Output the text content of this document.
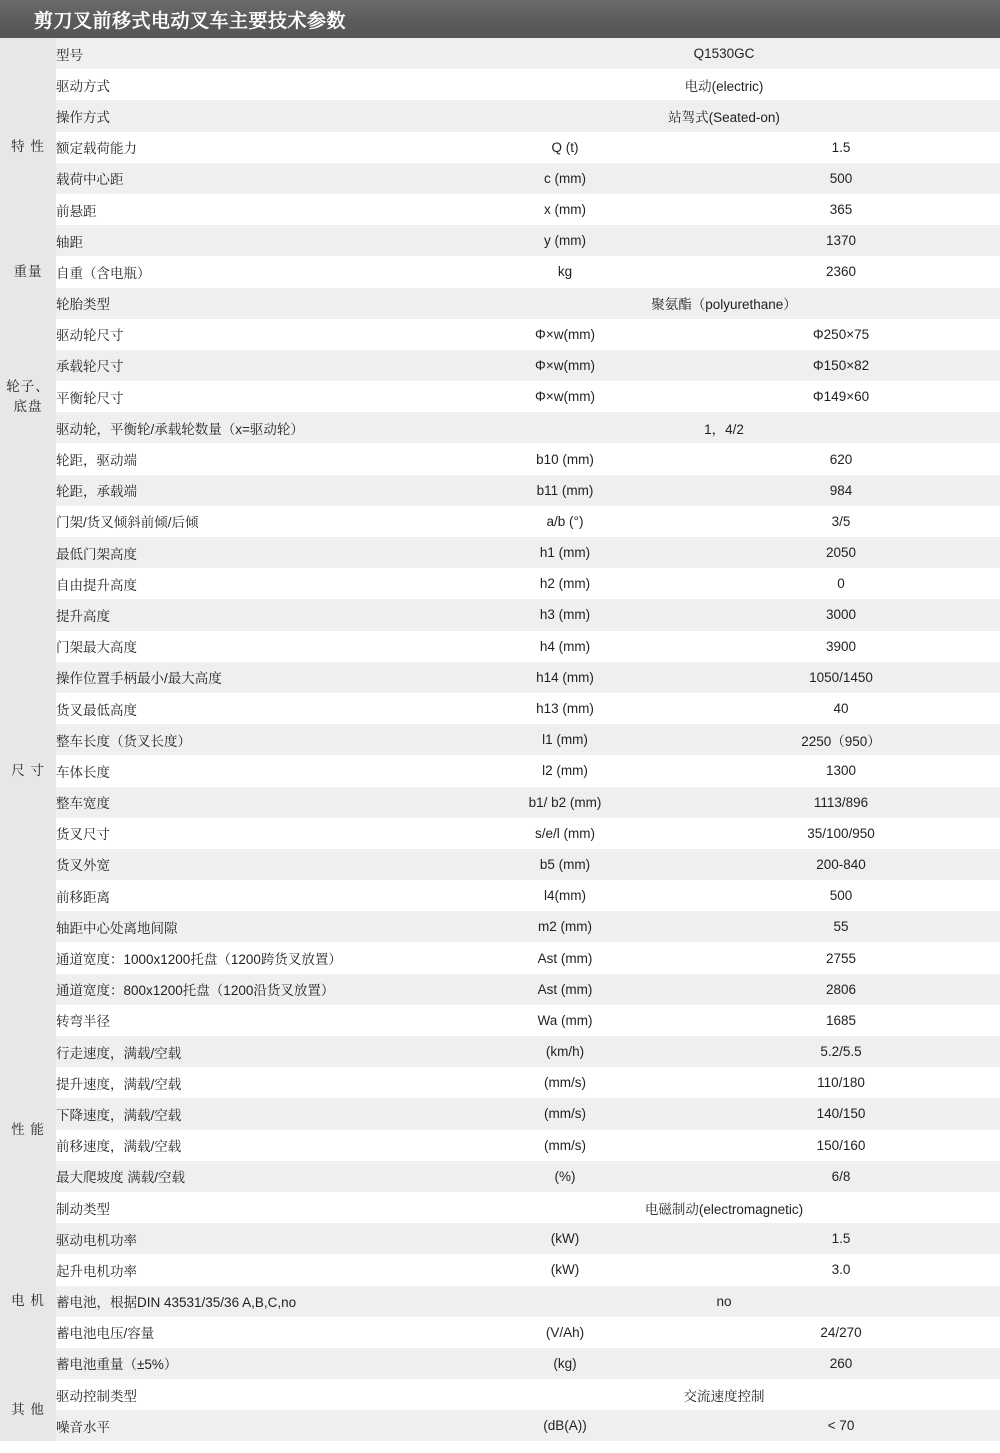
剪刀叉前移式电动叉车主要技术参数
特 性	型号	Q1530GC	
	驱动方式	电动(electric)	
	操作方式	站驾式(Seated-on)	
	额定载荷能力	Q (t)	1.5
	载荷中心距	c (mm)	500
	前悬距	x (mm)	365
	轴距	y (mm)	1370
重量	自重（含电瓶）	kg	2360
轮子、底盘	轮胎类型	聚氨酯（polyurethane）	
	驱动轮尺寸	Φ×w(mm)	Φ250×75
	承载轮尺寸	Φ×w(mm)	Φ150×82
	平衡轮尺寸	Φ×w(mm)	Φ149×60
	驱动轮，平衡轮/承载轮数量（x=驱动轮）	1，4/2	
	轮距，驱动端	b10 (mm)	620
	轮距，承载端	b11 (mm)	984
尺 寸	门架/货叉倾斜前倾/后倾	a/b (°)	3/5
	最低门架高度	h1 (mm)	2050
	自由提升高度	h2 (mm)	0
	提升高度	h3 (mm)	3000
	门架最大高度	h4 (mm)	3900
	操作位置手柄最小/最大高度	h14 (mm)	1050/1450
	货叉最低高度	h13 (mm)	40
	整车长度（货叉长度）	l1 (mm)	2250（950）
	车体长度	l2 (mm)	1300
	整车宽度	b1/ b2 (mm)	1113/896
	货叉尺寸	s/e/l (mm)	35/100/950
	货叉外宽	b5 (mm)	200-840
	前移距离	l4(mm)	500
	轴距中心处离地间隙	m2 (mm)	55
	通道宽度：1000x1200托盘（1200跨货叉放置）	Ast (mm)	2755
	通道宽度：800x1200托盘（1200沿货叉放置）	Ast (mm)	2806
	转弯半径	Wa (mm)	1685
性 能	行走速度，满载/空载	(km/h)	5.2/5.5
	提升速度，满载/空载	(mm/s)	110/180
	下降速度，满载/空载	(mm/s)	140/150
	前移速度，满载/空载	(mm/s)	150/160
	最大爬坡度 满载/空载	(%)	6/8
	制动类型	电磁制动(electromagnetic)	
电 机	驱动电机功率	(kW)	1.5
	起升电机功率	(kW)	3.0
	蓄电池，根据DIN 43531/35/36 A,B,C,no	no	
	蓄电池电压/容量	(V/Ah)	24/270
	蓄电池重量（±5%）	(kg)	260
其 他	驱动控制类型	交流速度控制	
	噪音水平	(dB(A))	< 70
